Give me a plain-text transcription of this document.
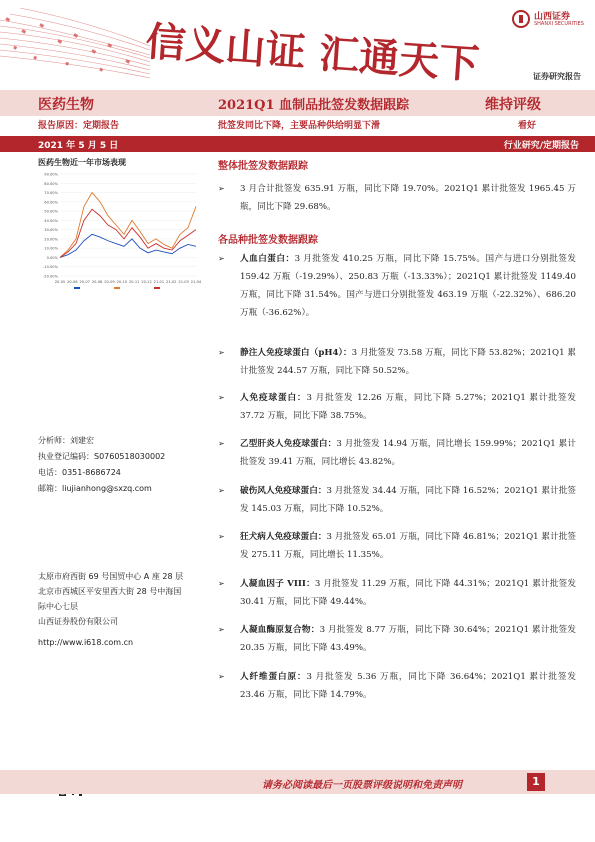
信义山证 汇通天下
山西证券
SHANXI SECURITIES
证券研究报告
医药生物	2021Q1 血制品批签发数据跟踪	维持评级
报告原因：定期报告	批签发同比下降，主要品种供给明显下滑	看好
2021 年 5 月 5 日	行业研究/定期报告
医药生物近一年市场表现
90.00%
80.00%
70.00%
60.00%
50.00%
40.00%
30.00%
20.00%
10.00%
0.00%
-10.00%
-20.00%
20-05 20-06 20-07 20-08 20-09 20-10 20-11 20-12 21-01 21-02 21-03 21-04
分析师：刘建宏
执业登记编码：S0760518030002
电话：0351-8686724
邮箱：liujianhong@sxzq.com
太原市府西街 69 号国贸中心 A 座 28 层
北京市西城区平安里西大街 28 号中海国
际中心七层
山西证券股份有限公司
http://www.i618.com.cn
整体批签发数据跟踪
➢ 3 月合计批签发 635.91 万瓶，同比下降 19.70%。2021Q1 累计批签发 1965.45 万瓶，同比下降 29.68%。
各品种批签发数据跟踪
➢ 人血白蛋白：3 月批签发 410.25 万瓶，同比下降 15.75%。国产与进口分别批签发 159.42 万瓶（-19.29%）、250.83 万瓶（-13.33%）；2021Q1 累计批签发 1149.40 万瓶，同比下降 31.54%。国产与进口分别批签发 463.19 万瓶（-22.32%）、686.20 万瓶（-36.62%）。
➢ 静注人免疫球蛋白（pH4）：3 月批签发 73.58 万瓶，同比下降 53.82%；2021Q1 累计批签发 244.57 万瓶，同比下降 50.52%。
➢ 人免疫球蛋白：3 月批签发 12.26 万瓶，同比下降 5.27%；2021Q1 累计批签发 37.72 万瓶，同比下降 38.75%。
➢ 乙型肝炎人免疫球蛋白：3 月批签发 14.94 万瓶，同比增长 159.99%；2021Q1 累计批签发 39.41 万瓶，同比增长 43.82%。
➢ 破伤风人免疫球蛋白：3 月批签发 34.44 万瓶，同比下降 16.52%；2021Q1 累计批签发 145.03 万瓶，同比下降 10.52%。
➢ 狂犬病人免疫球蛋白：3 月批签发 65.01 万瓶，同比下降 46.81%；2021Q1 累计批签发 275.11 万瓶，同比增长 11.35%。
➢ 人凝血因子 VIII：3 月批签发 11.29 万瓶，同比下降 44.31%；2021Q1 累计批签发 30.41 万瓶，同比下降 49.44%。
➢ 人凝血酶原复合物：3 月批签发 8.77 万瓶，同比下降 30.64%；2021Q1 累计批签发 20.35 万瓶，同比下降 43.49%。
➢ 人纤维蛋白原：3 月批签发 5.36 万瓶，同比下降 36.64%；2021Q1 累计批签发 23.46 万瓶，同比下降 14.79%。
请务必阅读最后一页股票评级说明和免责声明	1
